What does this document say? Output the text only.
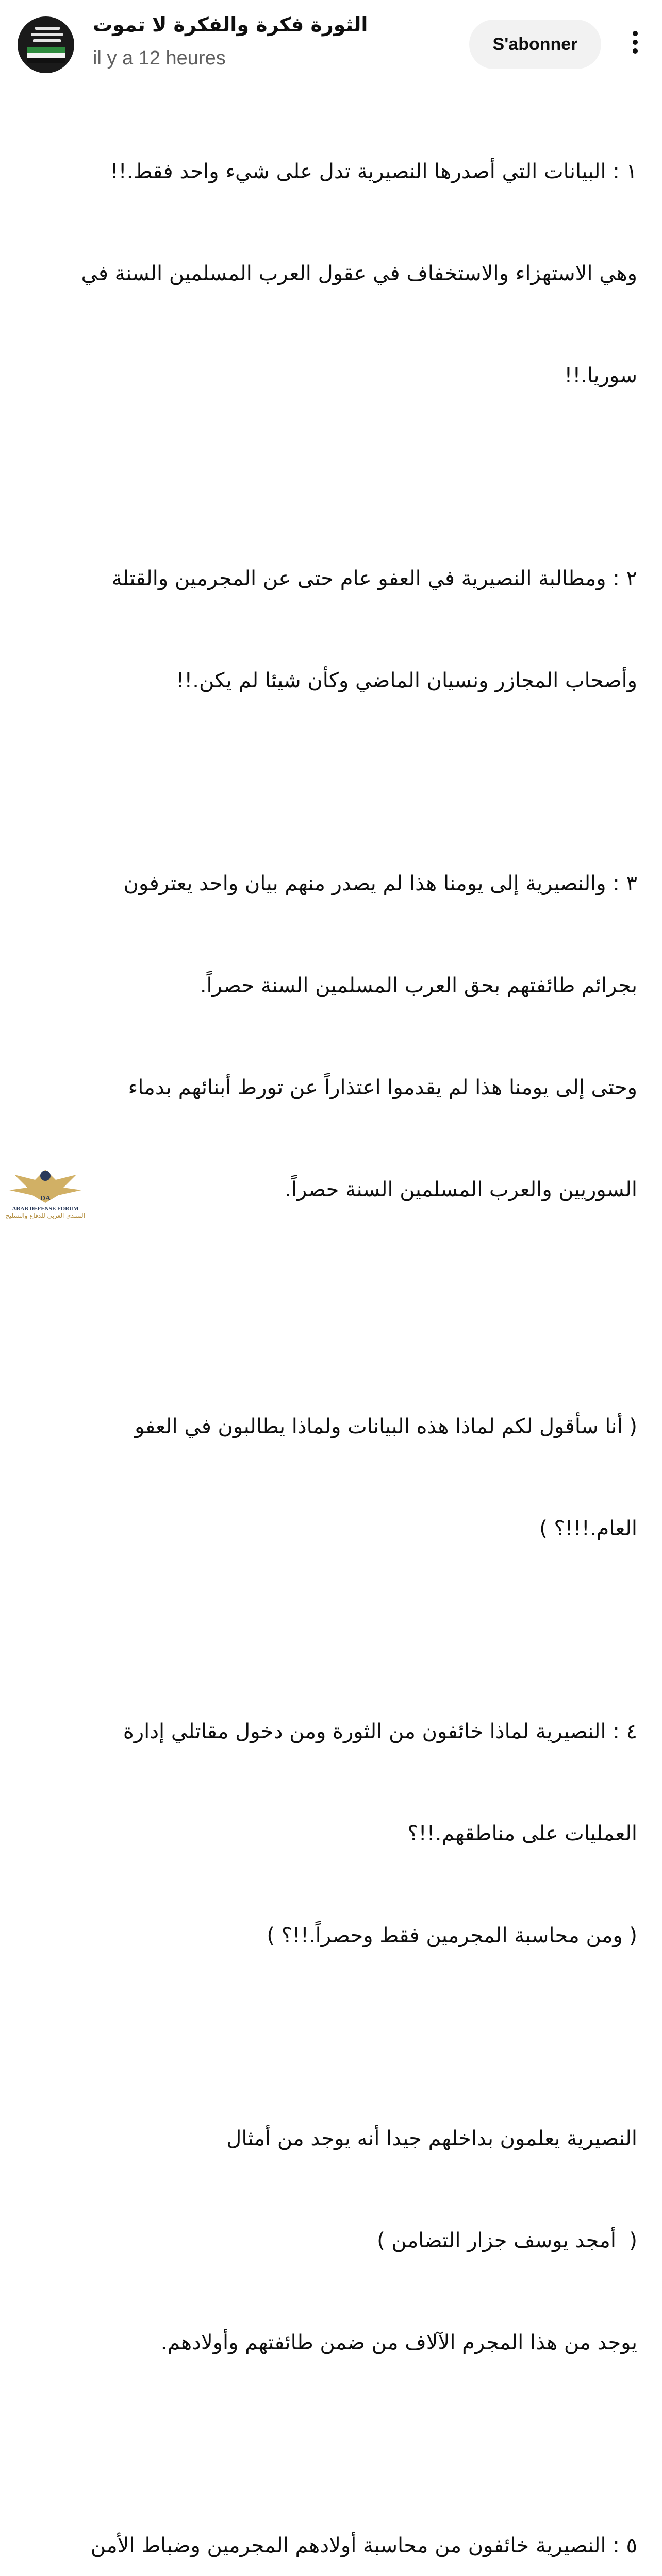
الثورة فكرة والفكرة لا تموت
il y a 12 heures
S'abonner

١ : البيانات التي أصدرها النصيرية تدل على شيء واحد فقط.!!

وهي الاستهزاء والاستخفاف في عقول العرب المسلمين السنة في

سوريا.!!

٢ : ومطالبة النصيرية في العفو عام حتى عن المجرمين والقتلة

وأصحاب المجازر ونسيان الماضي وكأن شيئا لم يكن.!!

٣ : والنصيرية إلى يومنا هذا لم يصدر منهم بيان واحد يعترفون

بجرائم طائفتهم بحق العرب المسلمين السنة حصراً.

وحتى إلى يومنا هذا لم يقدموا اعتذاراً عن تورط أبنائهم بدماء

السوريين والعرب المسلمين السنة حصراً.

( أنا سأقول لكم لماذا هذه البيانات ولماذا يطالبون في العفو

العام.!!!؟ )

٤ : النصيرية لماذا خائفون من الثورة ومن دخول مقاتلي إدارة

العمليات على مناطقهم.!!؟

( ومن محاسبة المجرمين فقط وحصراً.!!؟ )

النصيرية يعلمون بداخلهم جيدا أنه يوجد من أمثال

(  أمجد يوسف جزار التضامن )

يوجد من هذا المجرم الآلاف من ضمن طائفتهم وأولادهم.

٥ : النصيرية خائفون من محاسبة أولادهم المجرمين وضباط الأمن

DA
ARAB DEFENSE FORUM
المنتدى العربي للدفاع والتسليح
